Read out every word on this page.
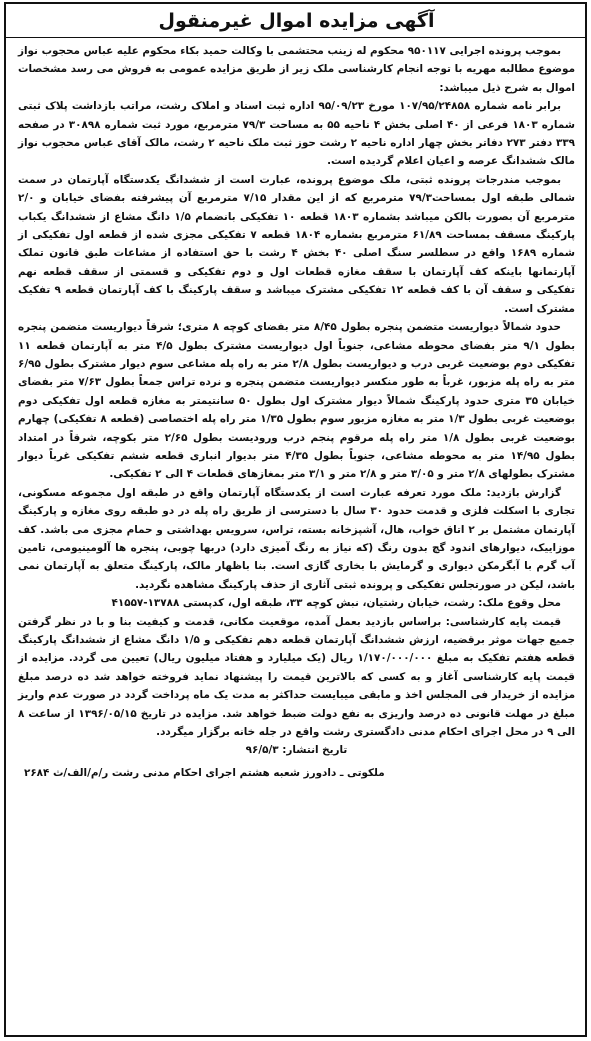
آگهی مزایده اموال غیرمنقول

بموجب پرونده اجرایی ۹۵۰۱۱۷ محکوم له زینب محتشمی با وکالت حمید بکاء محکوم علیه عباس محجوب نواز موضوع مطالبه مهریه با توجه انجام کارشناسی ملک زیر از طریق مزایده عمومی به فروش می رسد مشخصات اموال به شرح ذیل میباشد:

برابر نامه شماره ۱۰۷/۹۵/۲۴۸۵۸ مورخ ۹۵/۰۹/۲۳ اداره ثبت اسناد و املاک رشت، مراتب بازداشت پلاک ثبتی شماره ۱۸۰۳ فرعی از ۴۰ اصلی بخش ۴ ناحیه ۵۵ به مساحت ۷۹/۳ مترمربع، مورد ثبت شماره ۳۰۸۹۸ در صفحه ۳۳۹ دفتر ۲۷۳ دفاتر بخش چهار اداره ناحیه ۲ رشت حوز ثبت ملک ناحیه ۲ رشت، مالک آقای عباس محجوب نواز مالک ششدانگ عرصه و اعیان اعلام گردیده است.

بموجب مندرجات پرونده ثبتی، ملک موضوع پرونده، عبارت است از ششدانگ یکدستگاه آپارتمان در سمت شمالی طبقه اول بمساحت۷۹/۳ مترمربع که از این مقدار ۷/۱۵ مترمربع آن پیشرفته بفضای خیابان و ۲/۰ مترمربع آن بصورت بالکن میباشد بشماره ۱۸۰۳ قطعه ۱۰ تفکیکی بانضمام ۱/۵ دانگ مشاع از ششدانگ یکباب پارکینگ مسقف بمساحت ۶۱/۸۹ مترمربع بشماره ۱۸۰۴ قطعه ۷ تفکیکی مجزی شده از قطعه اول تفکیکی از شماره ۱۶۸۹ واقع در سطلسر سنگ اصلی ۴۰ بخش ۴ رشت با حق استفاده از مشاعات طبق قانون تملک آپارتمانها باینکه کف آپارتمان با سقف مغازه قطعات اول و دوم تفکیکی و قسمتی از سقف قطعه نهم تفکیکی و سقف آن با کف قطعه ۱۲ تفکیکی مشترک میباشد و سقف پارکینگ با کف آپارتمان قطعه ۹ تفکیک مشترک است.

حدود شمالاً دیواریست متضمن پنجره بطول ۸/۴۵ متر بفضای کوچه ۸ متری؛ شرقاً دیواریست متضمن پنجره بطول ۹/۱ متر بفضای محوطه مشاعی، جنوباً اول دیواریست مشترک بطول ۴/۵ متر به آپارتمان قطعه ۱۱ تفکیکی دوم بوضعیت غربی درب و دیواریست بطول ۲/۸ متر به راه پله مشاعی سوم دیوار مشترک بطول ۶/۹۵ متر به راه پله مزبور، غرباً به طور منکسر دیواریست متضمن پنجره و نرده تراس جمعاً بطول ۷/۶۳ متر بفضای خیابان ۳۵ متری حدود پارکینگ شمالاً دیوار مشترک اول بطول ۵۰ سانتیمتر به مغازه قطعه اول تفکیکی دوم بوضعیت غربی بطول ۱/۳ متر به مغازه مزبور سوم بطول ۱/۳۵ متر راه پله اختصاصی (قطعه ۸ تفکیکی) چهارم بوضعیت غربی بطول ۱/۸ متر راه پله مرقوم پنجم درب ورودیست بطول ۲/۶۵ متر بکوچه، شرقاً در امتداد بطول ۱۴/۹۵ متر به محوطه مشاعی، جنوباً بطول ۴/۳۵ متر بدیوار انباری قطعه ششم تفکیکی غرباً دیوار مشترک بطولهای ۲/۸ متر و ۳/۰۵ متر و ۲/۸ متر و ۳/۱ متر بمغازهای قطعات ۴ الی ۲ تفکیکی.

گزارش بازدید: ملک مورد تعرفه عبارت است از یکدستگاه آپارتمان واقع در طبقه اول مجموعه مسکونی، تجاری با اسکلت فلزی و قدمت حدود ۳۰ سال با دسترسی از طریق راه پله در دو طبقه روی مغازه و پارکینگ آپارتمان مشتمل بر ۲ اتاق خواب، هال، آشپزخانه بسته، تراس، سرویس بهداشتی و حمام مجزی می باشد. کف موزاییک، دیوارهای اندود گچ بدون رنگ (که نیاز به رنگ آمیزی دارد) دربها چوبی، پنجره ها آلومینیومی، تامین آب گرم با آبگرمکن دیواری و گرمایش با بخاری گازی است. بنا باظهار مالک، پارکینگ متعلق به آپارتمان نمی باشد، لیکن در صورتجلس تفکیکی و پرونده ثبتی آثاری از حذف پارکینگ مشاهده نگردید.

محل وقوع ملک: رشت، خیابان رشتیان، نبش کوچه ۳۳، طبقه اول، کدپستی ۱۳۷۸۸-۴۱۵۵۷

قیمت پایه کارشناسی: براساس بازدید بعمل آمده، موقعیت مکانی، قدمت و کیفیت بنا و با در نظر گرفتن جمیع جهات موثر برقضیه، ارزش ششدانگ آپارتمان قطعه دهم تفکیکی و ۱/۵ دانگ مشاع از ششدانگ پارکینگ قطعه هفتم تفکیک به مبلغ ۱/۱۷۰/۰۰۰/۰۰۰ ریال (یک میلیارد و هفتاد میلیون ریال) تعیین می گردد. مزایده از قیمت پایه کارشناسی آغاز و به کسی که بالاترین قیمت را پیشنهاد نماید فروخته خواهد شد ده درصد مبلغ مزایده از خریدار فی المجلس اخذ و مابقی میبایست حداکثر به مدت یک ماه پرداخت گردد در صورت عدم واریز مبلغ در مهلت قانونی ده درصد واریزی به نفع دولت ضبط خواهد شد. مزایده در تاریخ ۱۳۹۶/۰۵/۱۵ از ساعت ۸ الی ۹ در محل اجرای احکام مدنی دادگستری رشت واقع در جله خانه برگزار میگردد.

تاریخ انتشار: ۹۶/۵/۳

ملکوتی ـ دادورز شعبه هشتم اجرای احکام مدنی رشت ر/م/الف/ث ۲۶۸۴
